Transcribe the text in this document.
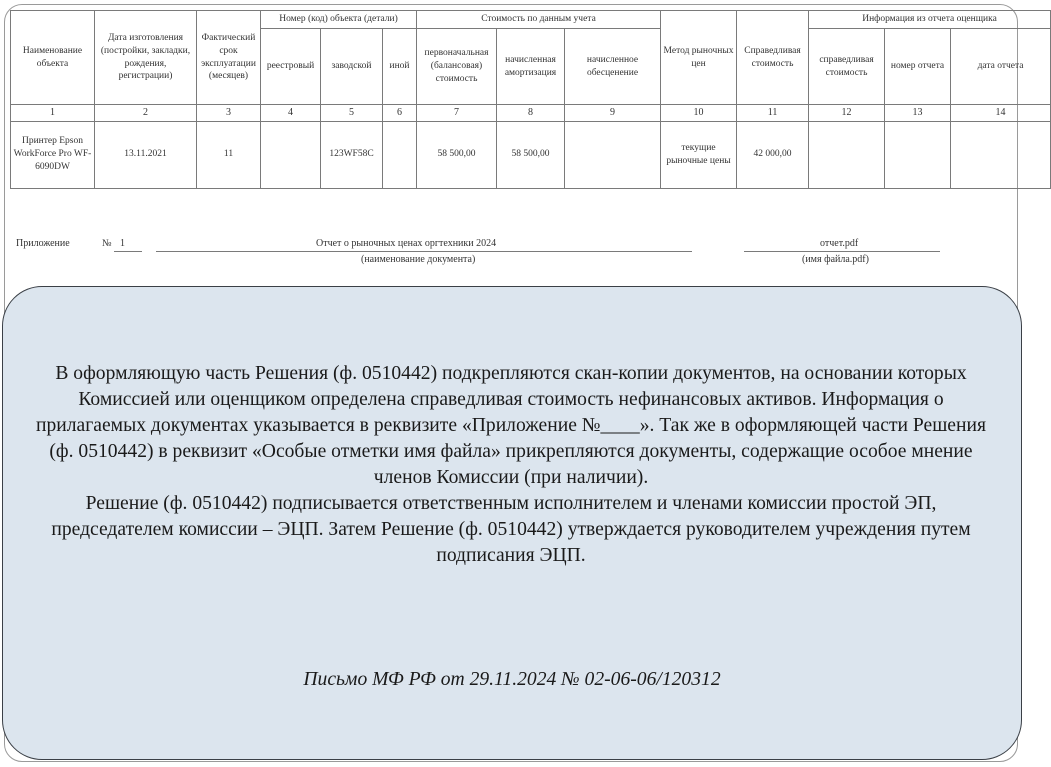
Наименование объекта	Дата изготовления (постройки, закладки, рождения, регистрации)	Фактический срок эксплуатации (месяцев)	Номер (код) объекта (детали)			Стоимость по данным учета			Метод рыночных цен	Справедливая стоимость	Информация из отчета оценщика		
			реестровый	заводской	иной	первоначальная (балансовая) стоимость	начисленная амортизация	начисленное обесценение			справедливая стоимость	номер отчета	дата отчета
1	2	3	4	5	6	7	8	9	10	11	12	13	14
Принтер Epson WorkForce Pro WF-6090DW	13.11.2021	11		123WF58C		58 500,00	58 500,00		текущие рыночные цены	42 000,00			
Приложение	№ 1	Отчет о рыночных ценах оргтехники 2024
(наименование документа)
отчет.pdf
(имя файла.pdf)

В оформляющую часть Решения (ф. 0510442) подкрепляются скан-копии документов, на основании которых Комиссией или оценщиком определена справедливая стоимость нефинансовых активов. Информация о прилагаемых документах указывается в реквизите «Приложение №____». Так же в оформляющей части Решения (ф. 0510442) в реквизит «Особые отметки имя файла» прикрепляются документы, содержащие особое мнение членов Комиссии (при наличии).

Решение (ф. 0510442) подписывается ответственным исполнителем и членами комиссии простой ЭП, председателем комиссии – ЭЦП. Затем Решение (ф. 0510442) утверждается руководителем учреждения путем подписания ЭЦП.

Письмо МФ РФ от 29.11.2024 № 02-06-06/120312
